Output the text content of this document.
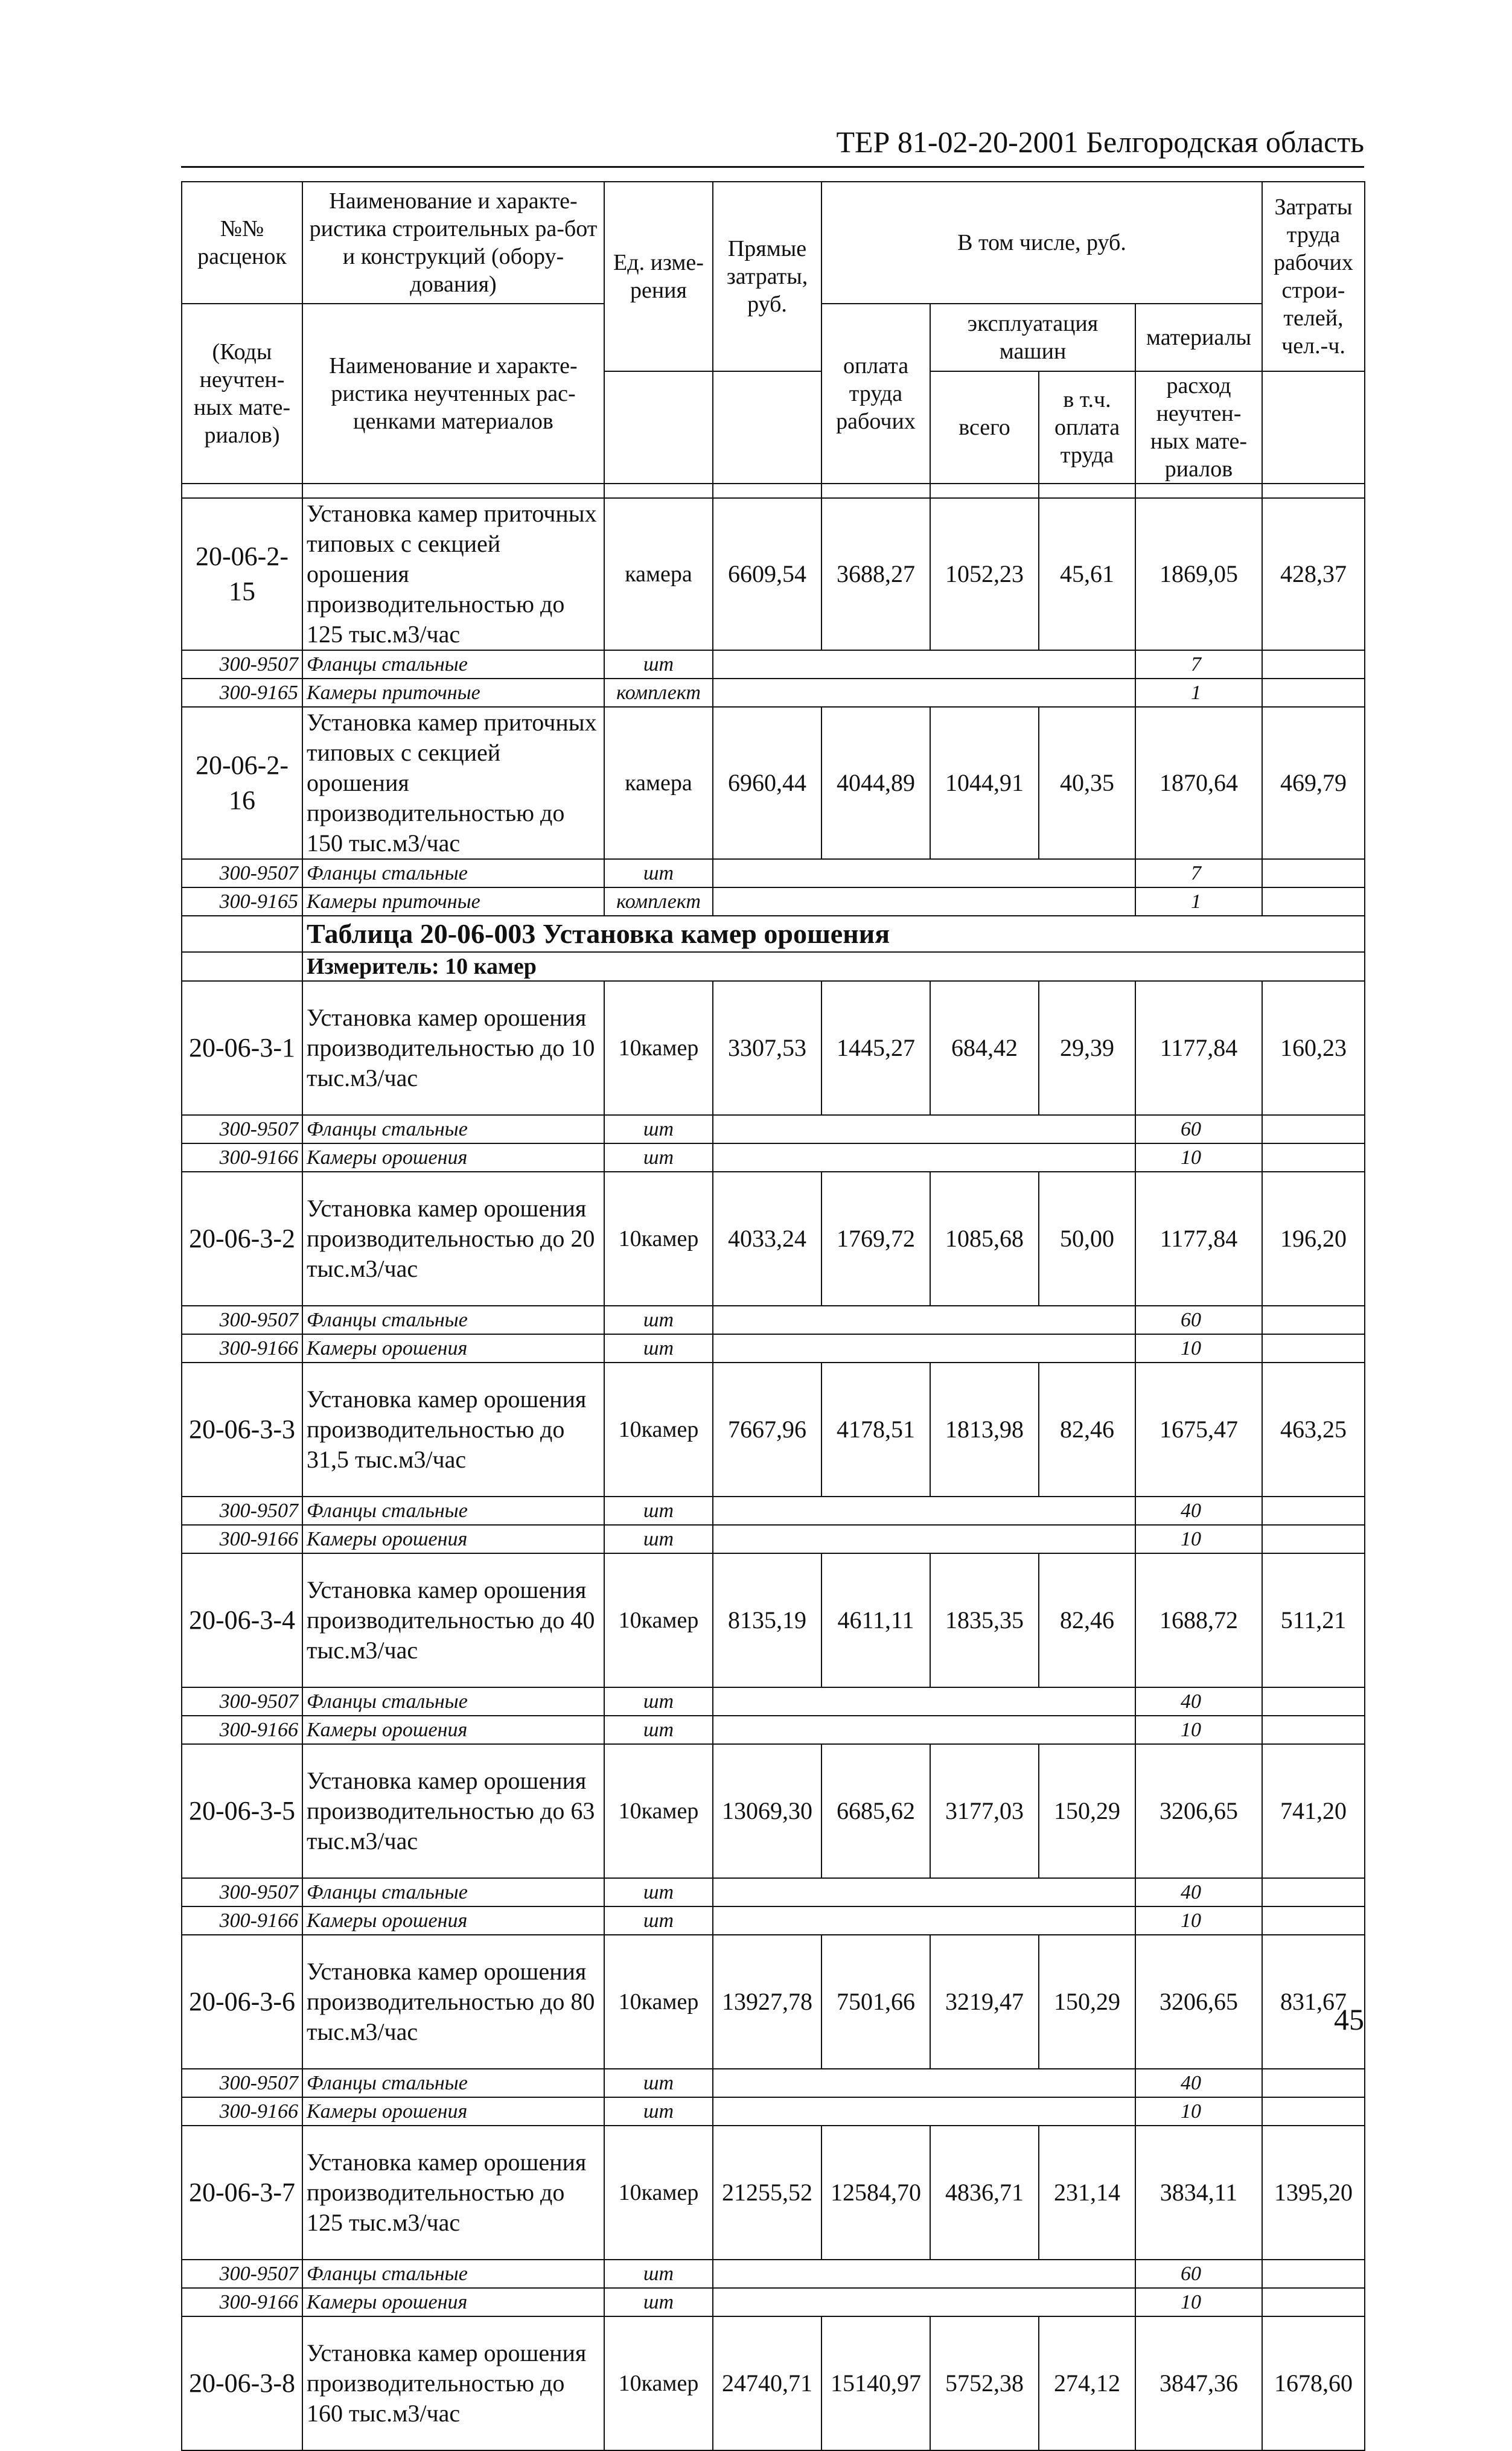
ТЕР 81-02-20-2001 Белгородская область
№№ расценок	Наименование и характе-ристика строительных ра-бот и конструкций (обору-дования)	Ед. изме-рения	Прямые затраты, руб.	В том числе, руб.				Затраты труда рабочих строи-телей, чел.-ч.
(Коды неучтен-ных мате-риалов)	Наименование и характе-ристика неучтенных рас-ценками материалов			оплата труда рабочих	эксплуатация машин		материалы	
					всего	в т.ч. оплата труда	расход неучтен-ных мате-риалов	

20-06-2-15	Установка камер приточных типовых с секцией орошения производительностью до 125 тыс.м3/час	камера	6609,54	3688,27	1052,23	45,61	1869,05	428,37
300-9507	Фланцы стальные	шт					7	
300-9165	Камеры приточные	комплект					1	
20-06-2-16	Установка камер приточных типовых с секцией орошения производительностью до 150 тыс.м3/час	камера	6960,44	4044,89	1044,91	40,35	1870,64	469,79
300-9507	Фланцы стальные	шт					7	
300-9165	Камеры приточные	комплект					1	
	Таблица 20-06-003 Установка камер орошения							
	Измеритель: 10 камер							
20-06-3-1	Установка камер орошения производительностью до 10 тыс.м3/час	10камер	3307,53	1445,27	684,42	29,39	1177,84	160,23
300-9507	Фланцы стальные	шт					60	
300-9166	Камеры орошения	шт					10	
20-06-3-2	Установка камер орошения производительностью до 20 тыс.м3/час	10камер	4033,24	1769,72	1085,68	50,00	1177,84	196,20
300-9507	Фланцы стальные	шт					60	
300-9166	Камеры орошения	шт					10	
20-06-3-3	Установка камер орошения производительностью до 31,5 тыс.м3/час	10камер	7667,96	4178,51	1813,98	82,46	1675,47	463,25
300-9507	Фланцы стальные	шт					40	
300-9166	Камеры орошения	шт					10	
20-06-3-4	Установка камер орошения производительностью до 40 тыс.м3/час	10камер	8135,19	4611,11	1835,35	82,46	1688,72	511,21
300-9507	Фланцы стальные	шт					40	
300-9166	Камеры орошения	шт					10	
20-06-3-5	Установка камер орошения производительностью до 63 тыс.м3/час	10камер	13069,30	6685,62	3177,03	150,29	3206,65	741,20
300-9507	Фланцы стальные	шт					40	
300-9166	Камеры орошения	шт					10	
20-06-3-6	Установка камер орошения производительностью до 80 тыс.м3/час	10камер	13927,78	7501,66	3219,47	150,29	3206,65	831,67
300-9507	Фланцы стальные	шт					40	
300-9166	Камеры орошения	шт					10	
20-06-3-7	Установка камер орошения производительностью до 125 тыс.м3/час	10камер	21255,52	12584,70	4836,71	231,14	3834,11	1395,20
300-9507	Фланцы стальные	шт					60	
300-9166	Камеры орошения	шт					10	
20-06-3-8	Установка камер орошения производительностью до 160 тыс.м3/час	10камер	24740,71	15140,97	5752,38	274,12	3847,36	1678,60
45
